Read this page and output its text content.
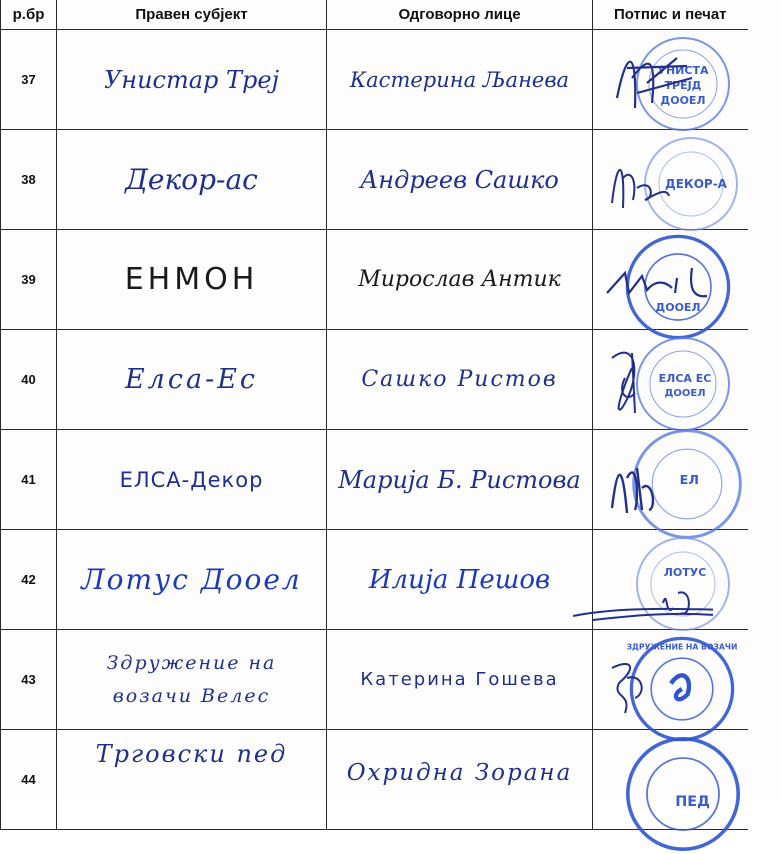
р.бр	Правен субјект	Одговорно лице	Потпис и печат
37	Унистар Треј	Кастерина Љанева	УНИСТА
ТРЕЈД
ДООЕЛ

38	Декор-ас	Андреев Сашко	ДЕКОР-А

39	ЕНМОН	Мирослав Антик	ДООЕЛ

40	Елса-Ес	Сашко Ристов	ЕЛСА ЕС
ДООЕЛ

41	ЕЛСА-Декор	Марија Б. Ристова	ЕЛ

42	Лотус Дооел	Илија Пешов	ЛОТУС

43	Здружение на возачи Велес	Катерина Гошева	ЗДРУЖЕНИЕ НА ВОЗАЧИ

44	Трговски пед	Охридна Зорана	ПЕД
